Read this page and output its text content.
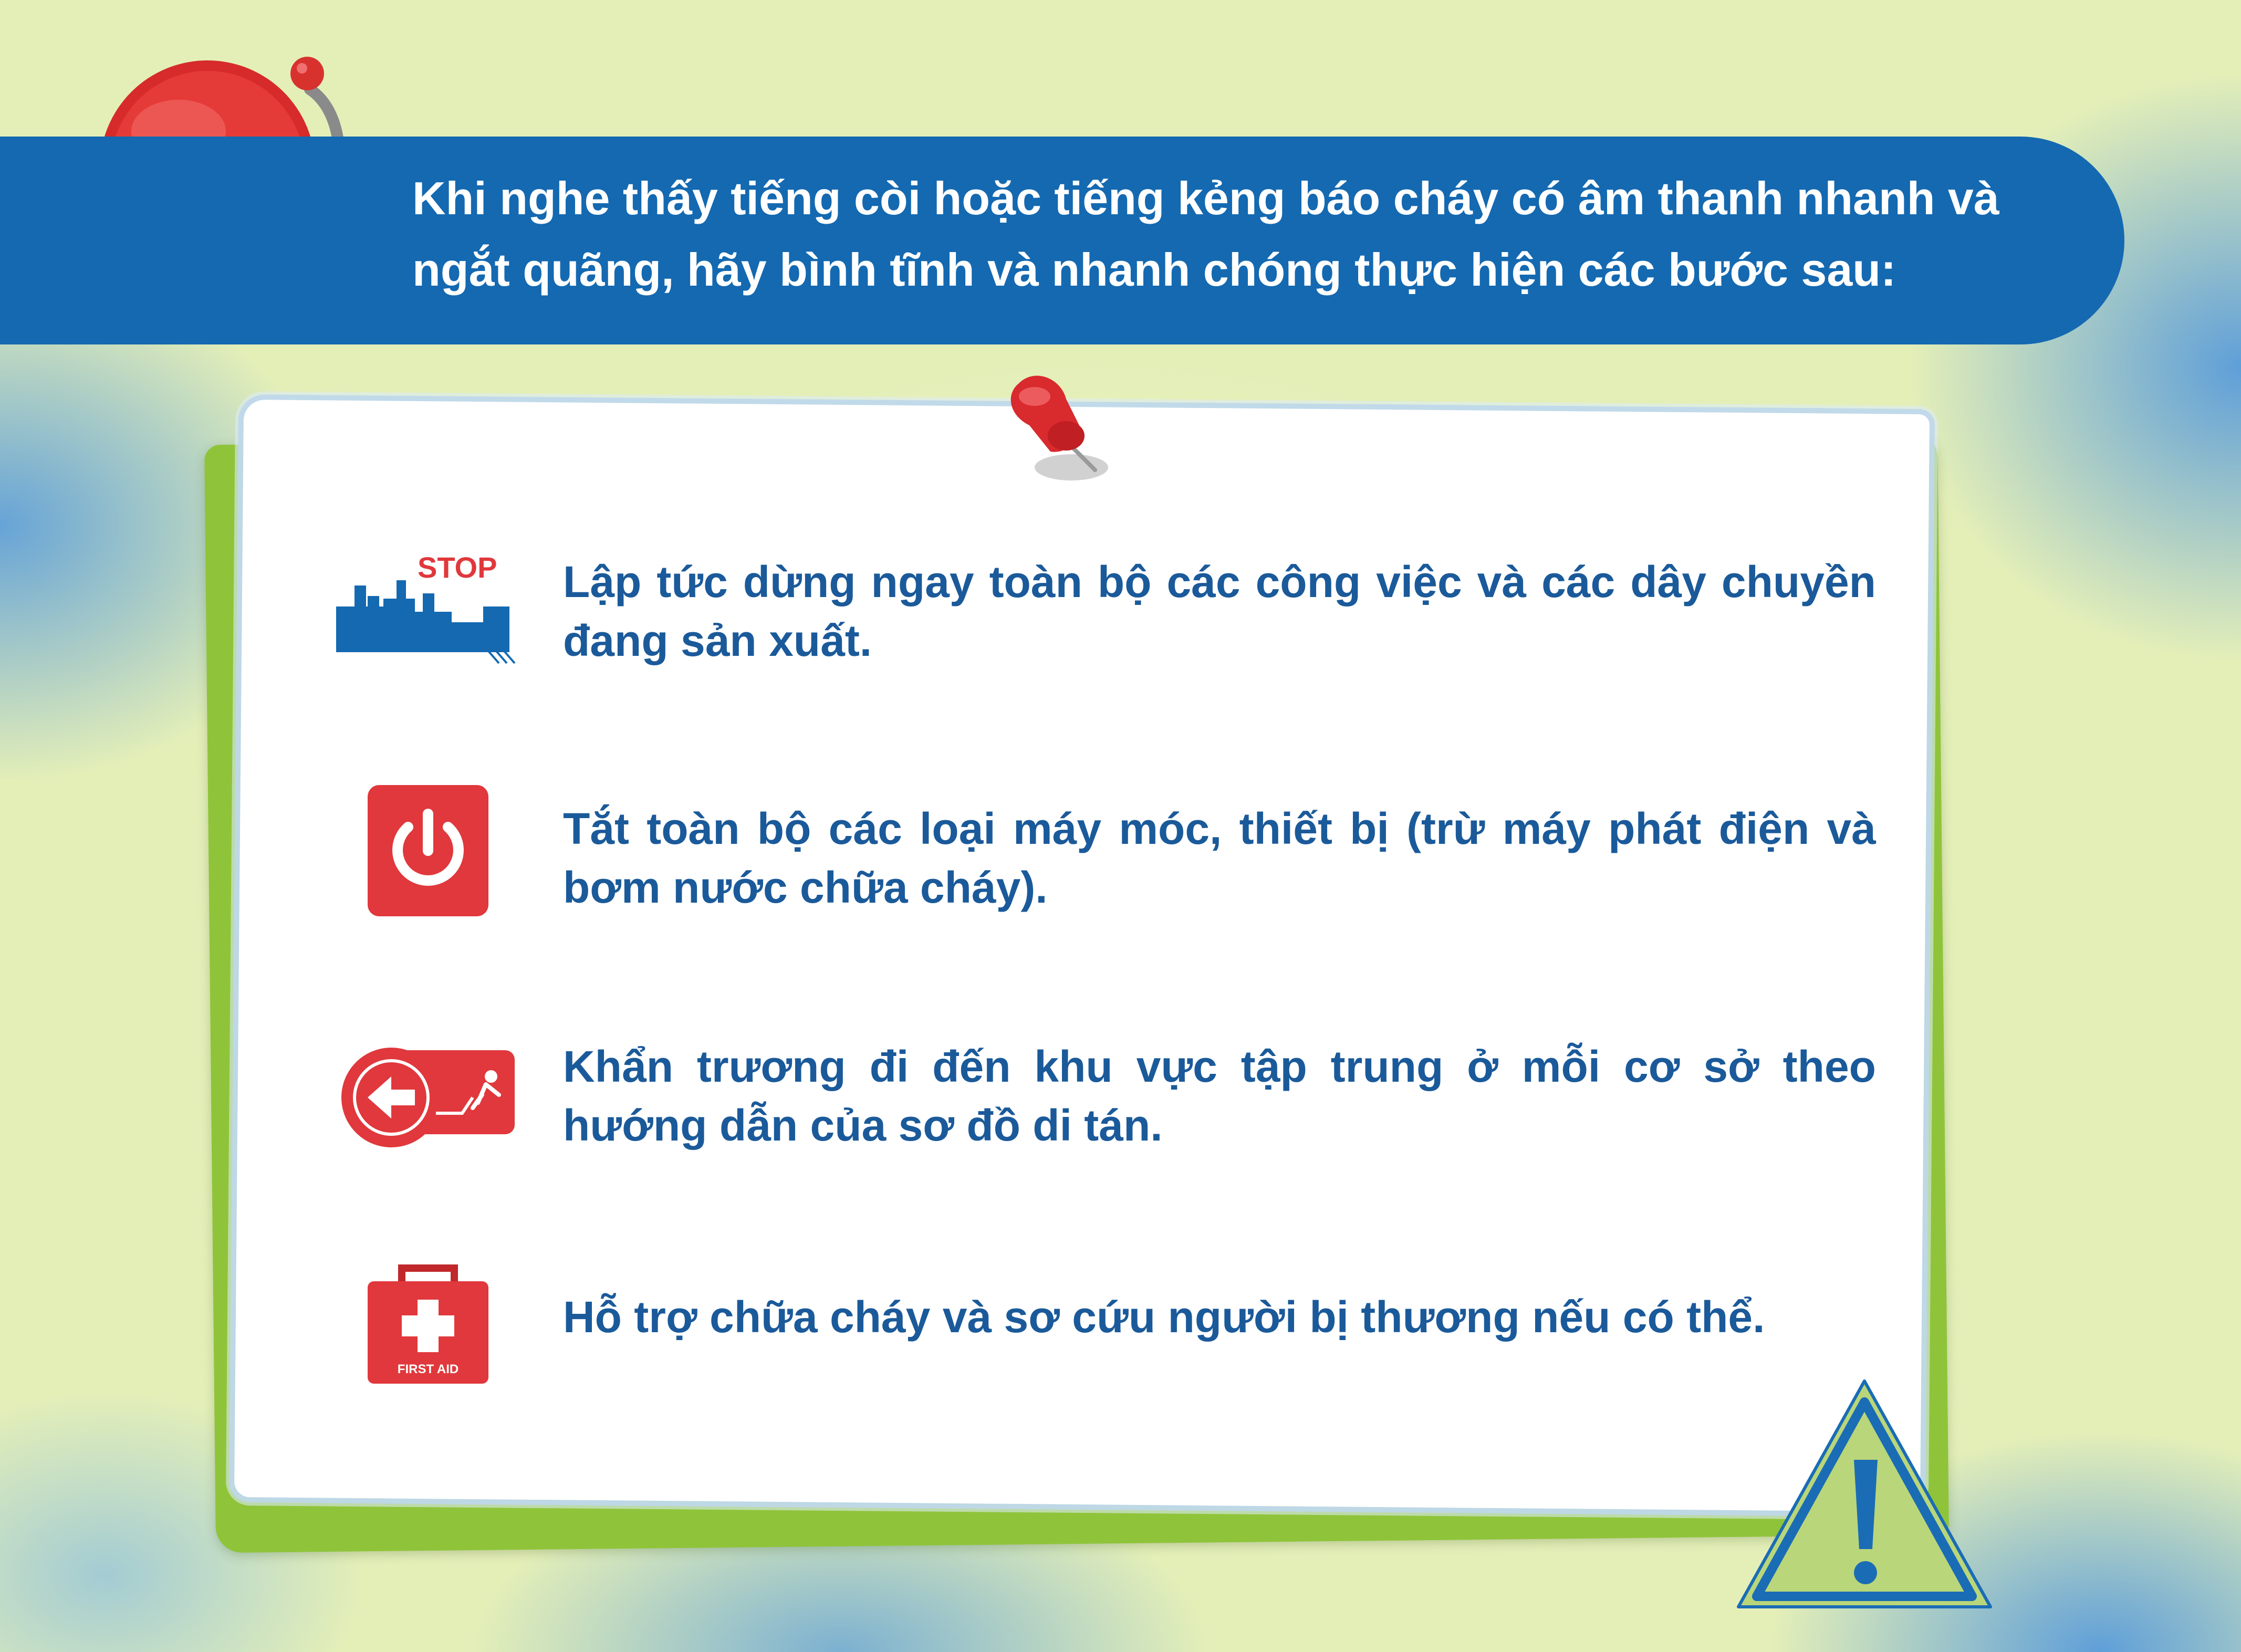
Khi nghe thấy tiếng còi hoặc tiếng kẻng báo cháy có âm thanh nhanh và ngắt quãng, hãy bình tĩnh và nhanh chóng thực hiện các bước sau:
STOP Lập tức dừng ngay toàn bộ các công việc và các dây chuyền đang sản xuất.
Tắt toàn bộ các loại máy móc, thiết bị (trừ máy phát điện và bơm nước chữa cháy).
Khẩn trương đi đến khu vực tập trung ở mỗi cơ sở theo hướng dẫn của sơ đồ di tán.
FIRST AID
Hỗ trợ chữa cháy và sơ cứu người bị thương nếu có thể.
